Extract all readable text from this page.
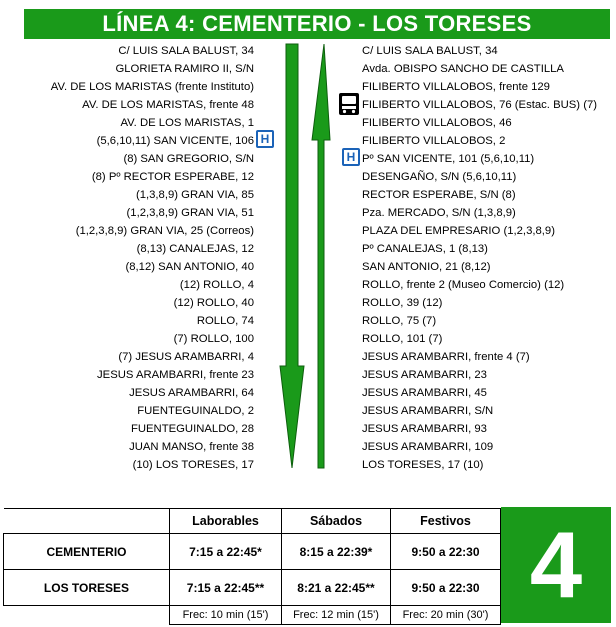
LÍNEA 4: CEMENTERIO - LOS TORESES
C/ LUIS SALA BALUST, 34
GLORIETA RAMIRO II, S/N
AV. DE LOS MARISTAS (frente Instituto)
AV. DE LOS MARISTAS, frente 48
AV. DE LOS MARISTAS, 1
(5,6,10,11) SAN VICENTE, 106
(8) SAN GREGORIO, S/N
(8) Pº RECTOR ESPERABE, 12
(1,3,8,9) GRAN VIA, 85
(1,2,3,8,9) GRAN VIA, 51
(1,2,3,8,9) GRAN VIA, 25 (Correos)
(8,13) CANALEJAS, 12
(8,12) SAN ANTONIO, 40
(12) ROLLO, 4
(12) ROLLO, 40
ROLLO, 74
(7) ROLLO, 100
(7) JESUS ARAMBARRI, 4
JESUS ARAMBARRI, frente 23
JESUS ARAMBARRI, 64
FUENTEGUINALDO, 2
FUENTEGUINALDO, 28
JUAN MANSO, frente 38
(10) LOS TORESES, 17
C/ LUIS SALA BALUST, 34
Avda. OBISPO SANCHO DE CASTILLA
FILIBERTO VILLALOBOS, frente 129
FILIBERTO VILLALOBOS, 76 (Estac. BUS) (7)
FILIBERTO VILLALOBOS, 46
FILIBERTO VILLALOBOS, 2
Pº SAN VICENTE, 101 (5,6,10,11)
DESENGAÑO, S/N (5,6,10,11)
RECTOR ESPERABE, S/N (8)
Pza. MERCADO, S/N (1,3,8,9)
PLAZA DEL EMPRESARIO (1,2,3,8,9)
Pº CANALEJAS, 1 (8,13)
SAN ANTONIO, 21 (8,12)
ROLLO, frente 2 (Museo Comercio) (12)
ROLLO, 39 (12)
ROLLO, 75 (7)
ROLLO, 101 (7)
JESUS ARAMBARRI, frente 4 (7)
JESUS ARAMBARRI, 23
JESUS ARAMBARRI, 45
JESUS ARAMBARRI, S/N
JESUS ARAMBARRI, 93
JESUS ARAMBARRI, 109
LOS TORESES, 17 (10)
H
H
	Laborables	Sábados	Festivos
CEMENTERIO	7:15 a 22:45*	8:15 a 22:39*	9:50 a 22:30
LOS TORESES	7:15 a 22:45**	8:21 a 22:45**	9:50 a 22:30
	Frec: 10 min (15')	Frec: 12 min (15')	Frec: 20 min (30') 4
